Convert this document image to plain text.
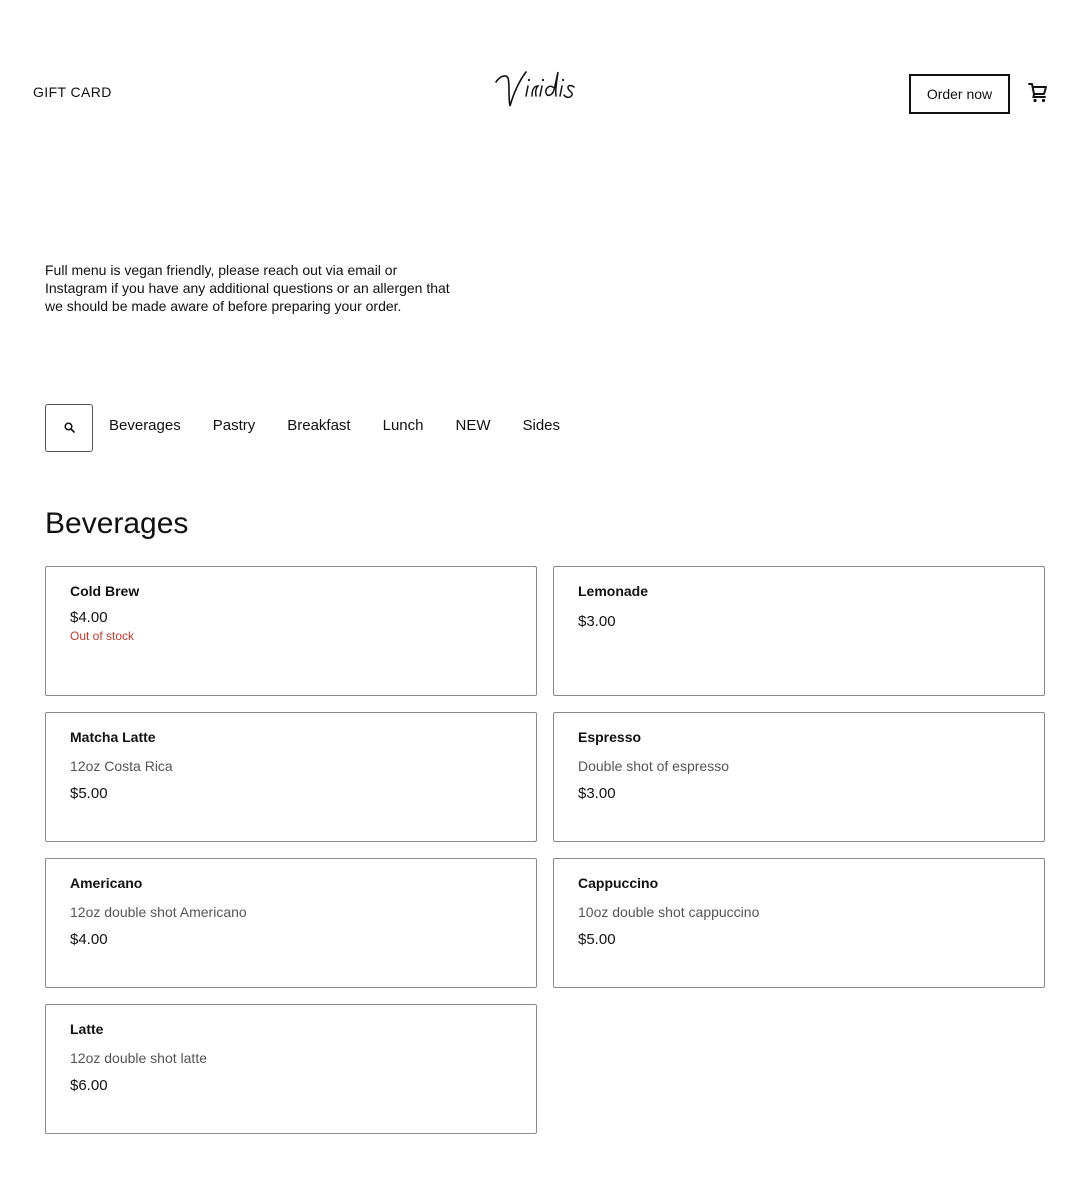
GIFT CARD	Order now

Full menu is vegan friendly, please reach out via email or Instagram if you have any additional questions or an allergen that we should be made aware of before preparing your order.

Beverages Pastry Breakfast Lunch NEW Sides
Beverages
Cold Brew
$4.00
Out of stock
Lemonade
$3.00
Matcha Latte
12oz Costa Rica
$5.00
Espresso
Double shot of espresso
$3.00
Americano
12oz double shot Americano
$4.00
Cappuccino
10oz double shot cappuccino
$5.00
Latte
12oz double shot latte
$6.00
